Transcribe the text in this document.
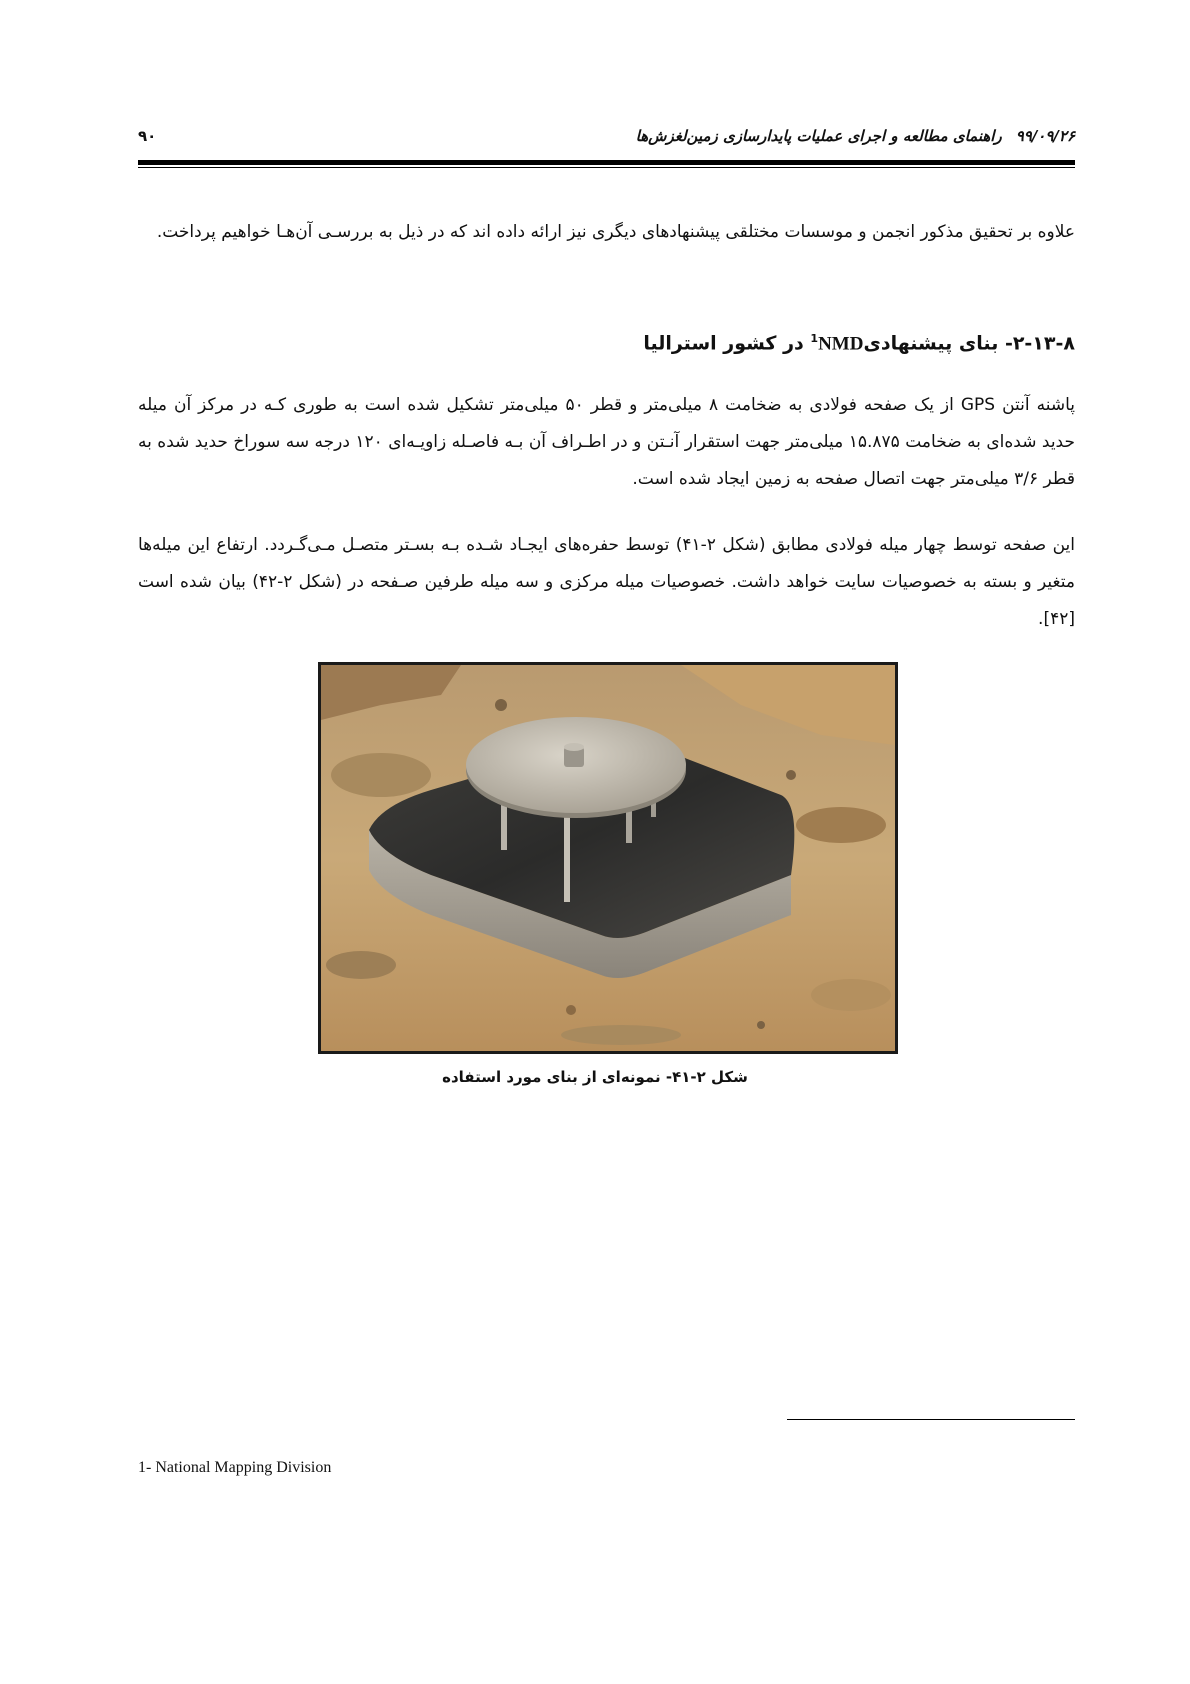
۹۰	۹۹/۰۹/۲۶راهنمای مطالعه و اجرای عملیات پایدارسازی زمین‌لغزش‌ها

علاوه بر تحقیق مذکور انجمن و موسسات مختلقی پیشنهادهای دیگری نیز ارائه داده اند که در ذیل به بررسـی آن‌هـا خواهیم پرداخت.

۲-۱۳-۸- بنای پیشنهادی$^1$NMD در کشور استرالیا

پاشنه آنتن GPS از یک صفحه فولادی به ضخامت ۸ میلی‌متر و قطر ۵۰ میلی‌متر تشکیل شده است به طوری کـه در مرکز آن میله حدید شده‌ای به ضخامت ۱۵.۸۷۵ میلی‌متر جهت استقرار آنـتن و در اطـراف آن بـه فاصـله زاویـه‌ای ۱۲۰ درجه سه سوراخ حدید شده به قطر ۳/۶ میلی‌متر جهت اتصال صفحه به زمین ایجاد شده است.

این صفحه توسط چهار میله فولادی مطابق (شکل ۲-۴۱) توسط حفره‌های ایجـاد شـده بـه بسـتر متصـل مـی‌گـردد. ارتفاع این میله‌ها متغیر و بسته به خصوصیات سایت خواهد داشت. خصوصیات میله مرکزی و سه میله طرفین صـفحه در (شکل ۲-۴۲) بیان شده است [۴۲].

شکل ۲-۴۱- نمونه‌ای از بنای مورد استفاده
1- National Mapping Division
